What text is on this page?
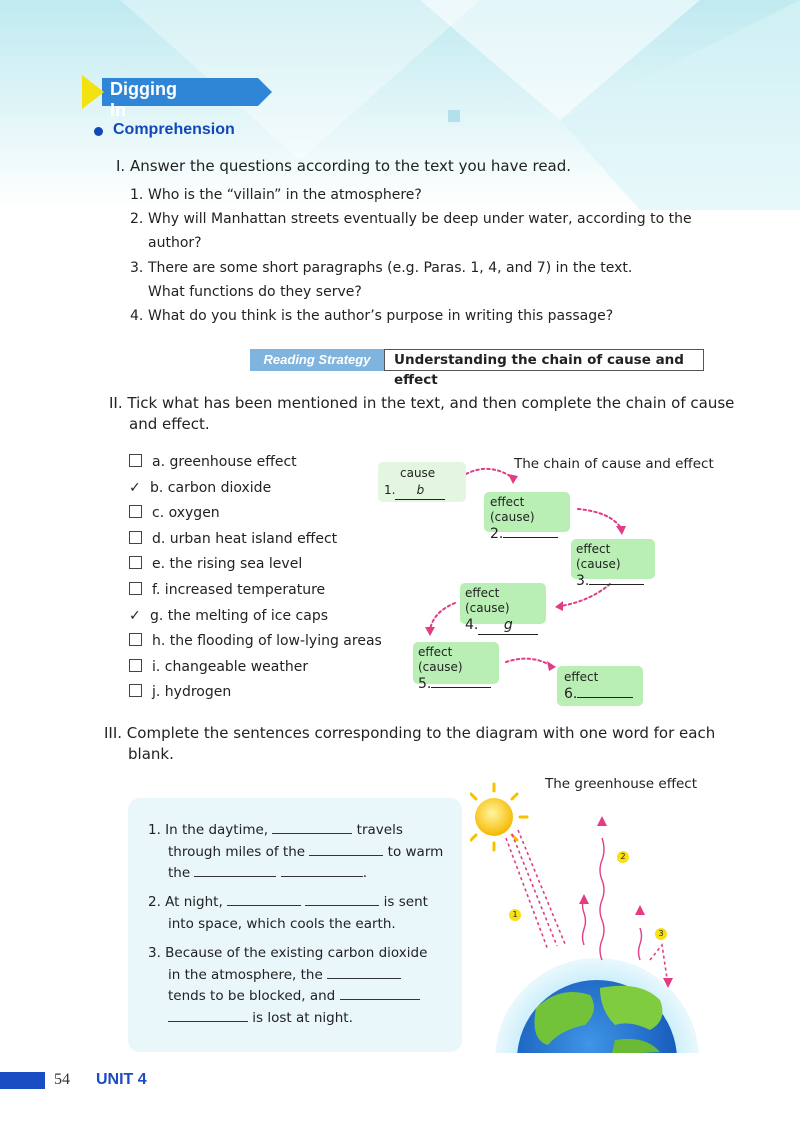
Digging In
Comprehension
I. Answer the questions according to the text you have read.
1. Who is the “villain” in the atmosphere?
2. Why will Manhattan streets eventually be deep under water, according to the
author?
3. There are some short paragraphs (e.g. Paras. 1, 4, and 7) in the text.
What functions do they serve?
4. What do you think is the author’s purpose in writing this passage?
Reading Strategy	Understanding the chain of cause and effect
II. Tick what has been mentioned in the text, and then complete the chain of cause
and effect.
a. greenhouse effect
✓ b. carbon dioxide
c. oxygen
d. urban heat island effect
e. the rising sea level
f. increased temperature
✓ g. the melting of ice caps
h. the flooding of low-lying areas
i. changeable weather
j. hydrogen
The chain of cause and effect
cause
1. b
effect (cause)
2.
effect (cause)
3.
effect (cause)
4. g
effect (cause)
5.	effect
6.
III. Complete the sentences corresponding to the diagram with one word for each
blank.
1. In the daytime,	travels
through miles of the	to warm
the	.
2. At night,	is sent
into space, which cools the earth.
3. Because of the existing carbon dioxide
in the atmosphere, the
tends to be blocked, and
is lost at night.
The greenhouse effect
1
2
3
54 UNIT 4
